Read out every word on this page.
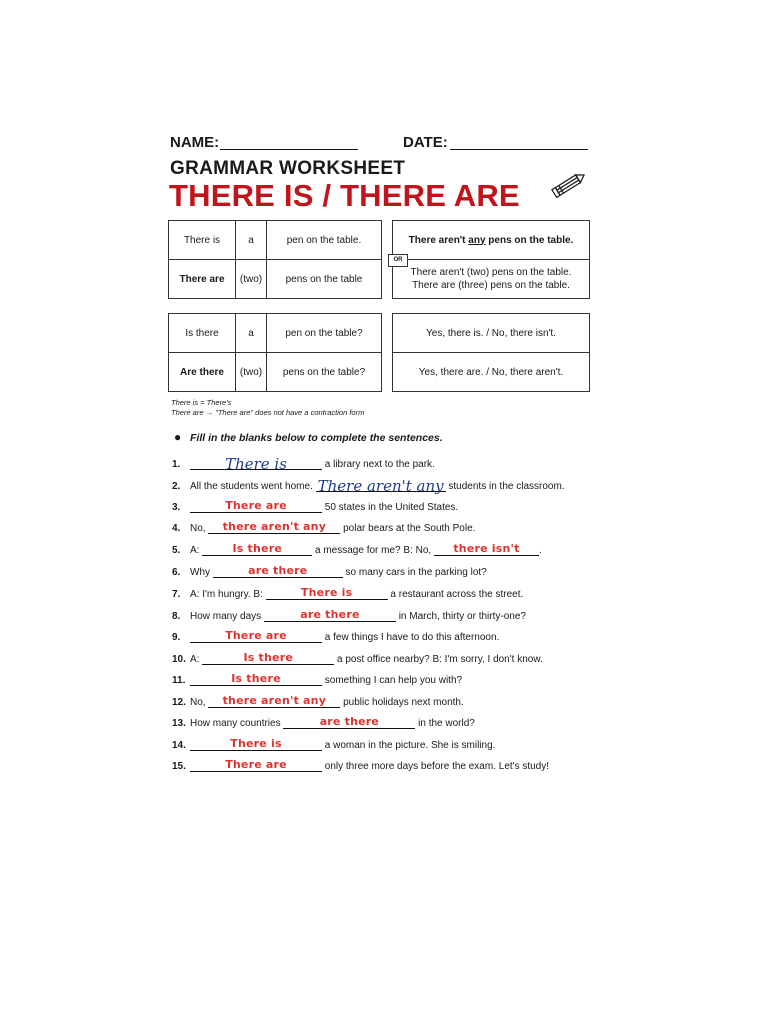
NAME:	DATE:
GRAMMAR WORKSHEET
THERE IS / THERE ARE
There is	a	pen on the table.
There are	(two)	pens on the table
There aren't any pens on the table.
There aren't (two) pens on the table.
There are (three) pens on the table.
OR
Is there	a	pen on the table?
Are there	(two)	pens on the table?
Yes, there is. / No, there isn't.
Yes, there are. / No, there aren't.
There is = There's
There are → "There are" does not have a contraction form
● Fill in the blanks below to complete the sentences.
1.	There is	a library next to the park.
2. All the students went home. There aren't any students in the classroom.
3.	There are	50 states in the United States.
4. No,	there aren't any	polar bears at the South Pole.
5. A:	Is there	a message for me? B: No,	there isn't	.
6. Why	are there	so many cars in the parking lot?
7. A: I'm hungry. B:	There is	a restaurant across the street.
8. How many days	are there	in March, thirty or thirty-one?
9.	There are	a few things I have to do this afternoon.
10. A:	Is there	a post office nearby? B: I'm sorry, I don't know.
11.	Is there	something I can help you with?
12. No,	there aren't any	public holidays next month.
13. How many countries	are there	in the world?
14.	There is	a woman in the picture. She is smiling.
15.	There are	only three more days before the exam. Let's study!
